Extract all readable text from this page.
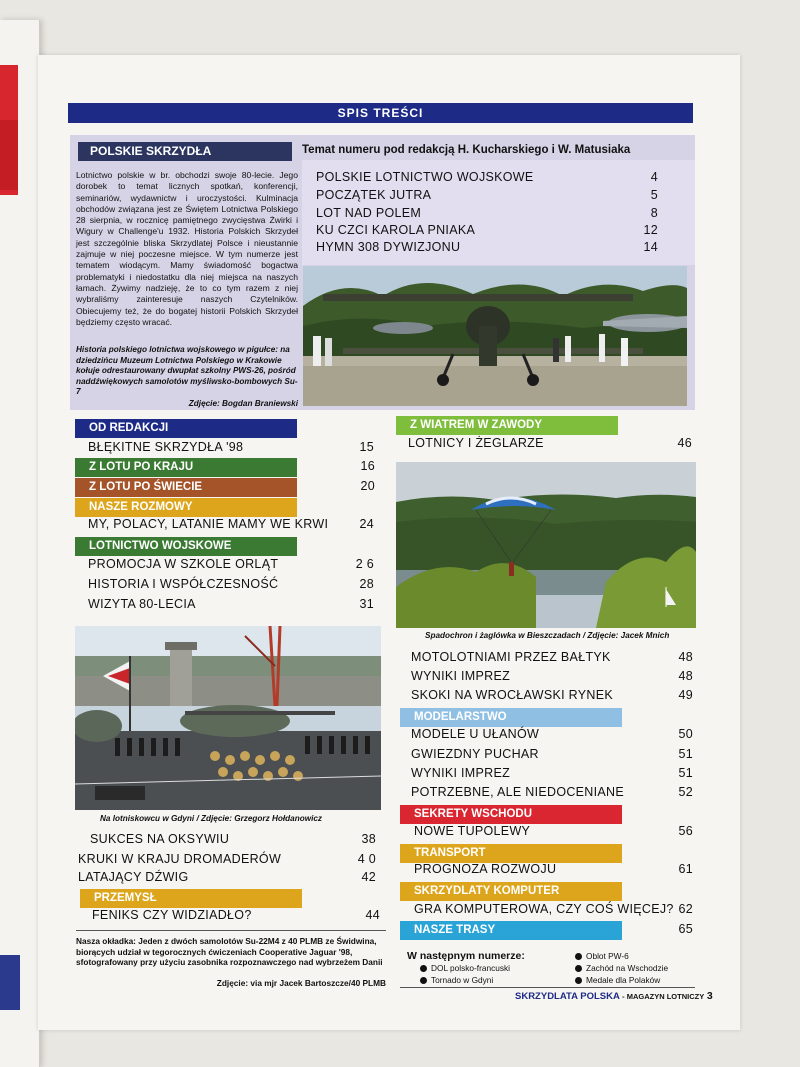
SPIS TREŚCI
POLSKIE SKRZYDŁA	Temat numeru pod redakcją H. Kucharskiego i W. Matusiaka
Lotnictwo polskie w br. obchodzi swoje 80-lecie. Jego dorobek to temat licznych spotkań, konferencji, seminariów, wydawnictw i uroczystości. Kulminacja obchodów związana jest ze Świętem Lotnictwa Polskiego 28 sierpnia, w rocznicę pamiętnego zwycięstwa Żwirki i Wigury w Challenge'u 1932. Historia Polskich Skrzydeł jest szczególnie bliska Skrzydlatej Polsce i nieustannie zajmuje w niej poczesne miejsce. W tym numerze jest tematem wiodącym. Mamy świadomość bogactwa problematyki i niedostatku dla niej miejsca na naszych łamach. Żywimy nadzieję, że to co tym razem z niej wybraliśmy zainteresuje naszych Czytelników. Obiecujemy też, że do bogatej historii Polskich Skrzydeł będziemy często wracać.
POLSKIE LOTNICTWO WOJSKOWE	4
POCZĄTEK JUTRA	5
LOT NAD POLEM	8
KU CZCI KAROLA PNIAKA	12
HYMN 308 DYWIZJONU	14
Historia polskiego lotnictwa wojskowego w pigułce: na dziedzińcu Muzeum Lotnictwa Polskiego w Krakowie kołuje odrestaurowany dwupłat szkolny PWS-26, pośród naddźwiękowych samolotów myśliwsko-bombowych Su-7
Zdjęcie: Bogdan Braniewski
OD REDAKCJI
BŁĘKITNE SKRZYDŁA '98	15
Z LOTU PO KRAJU	16
Z LOTU PO ŚWIECIE	20
NASZE ROZMOWY
MY, POLACY, LATANIE MAMY WE KRWI	24
LOTNICTWO WOJSKOWE
PROMOCJA W SZKOLE ORLĄT	2 6
HISTORIA I WSPÓŁCZESNOŚĆ	28
WIZYTA 80-LECIA	31
Na lotniskowcu w Gdyni / Zdjęcie: Grzegorz Hołdanowicz
SUKCES NA OKSYWIU	38
KRUKI W KRAJU DROMADERÓW	4 0
LATAJĄCY DŹWIG	42
PRZEMYSŁ
FENIKS CZY WIDZIADŁO?	44
Nasza okładka: Jeden z dwóch samolotów Su-22M4 z 40 PLMB ze Świdwina, biorących udział w tegorocznych ćwiczeniach Cooperative Jaguar '98, sfotografowany przy użyciu zasobnika rozpoznawczego nad wybrzeżem Danii
Zdjęcie: via mjr Jacek Bartoszcze/40 PLMB
Z WIATREM W ZAWODY
LOTNICY I ŻEGLARZE	46
Spadochron i żaglówka w Bieszczadach / Zdjęcie: Jacek Mnich
MOTOLOTNIAMI PRZEZ BAŁTYK	48
WYNIKI IMPREZ	48
SKOKI NA WROCŁAWSKI RYNEK	49
MODELARSTWO
MODELE U UŁANÓW	50
GWIEZDNY PUCHAR	51
WYNIKI IMPREZ	51
POTRZEBNE, ALE NIEDOCENIANE	52
SEKRETY WSCHODU
NOWE TUPOLEWY	56
TRANSPORT
PROGNOZA ROZWOJU	61
SKRZYDLATY KOMPUTER
GRA KOMPUTEROWA, CZY COŚ WIĘCEJ? 62
NASZE TRASY	65
W następnym numerze:
DOL polsko-francuski
Tornado w Gdyni
Oblot PW-6
Zachód na Wschodzie
Medale dla Polaków
SKRZYDLATA POLSKA - MAGAZYN LOTNICZY 3
